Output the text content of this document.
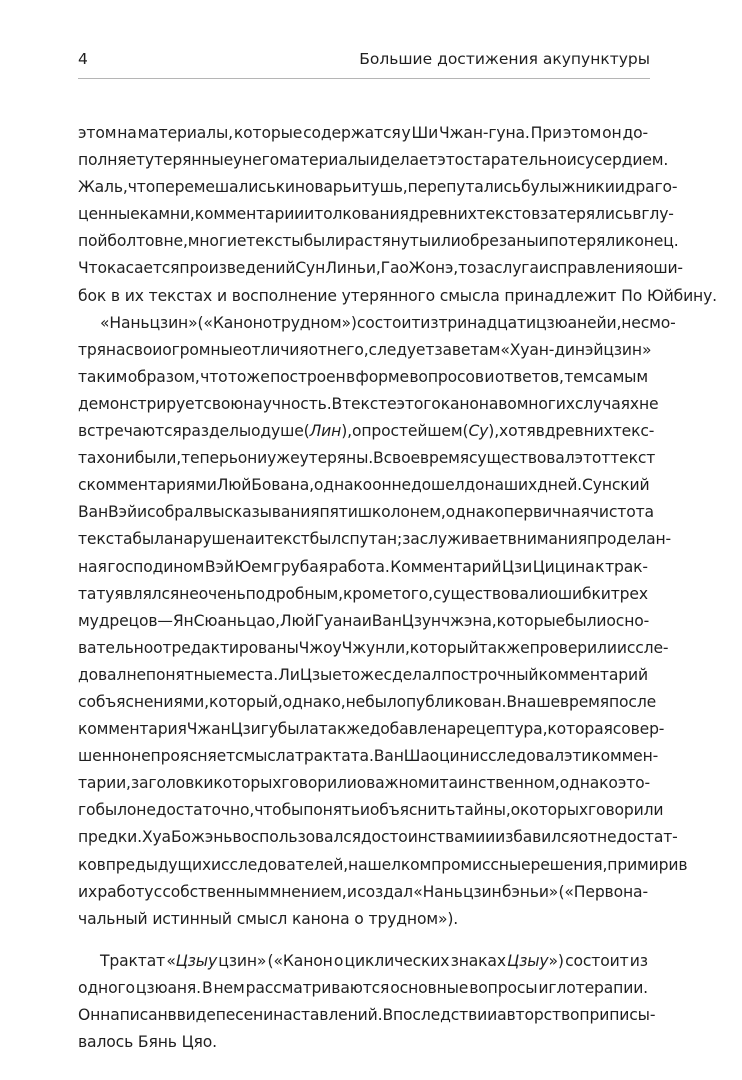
4	Большие достижения акупунктуры
этом на материалы, которые содержатся у Ши Чжан-гуна. При этом он до-
полняет утерянные у него материалы и делает это старательно и с усердием.
Жаль, что перемешались киноварь и тушь, перепутались булыжники и драго-
ценные камни, комментарии и толкования древних текстов затерялись в глу-
пой болтовне, многие тексты были растянуты или обрезаны и потеряли конец.
Что касается произведений Сун Линьи, Гао Жонэ, то заслуга исправления оши-
бок в их текстах и восполнение утерянного смысла принадлежит По Юйбину.
«Нань цзин» («Канон о трудном») состоит из тринадцати цзюаней и, несмо-
тря на свои огромные отличия от него, следует заветам «Хуан-ди нэй цзин»
таким образом, что тоже построен в форме вопросов и ответов, тем самым
демонстрирует свою научность. В тексте этого канона во многих случаях не
встречаются разделы о душе (Лин), о простейшем (Су), хотя в древних текс-
тах они были, теперь они уже утеряны. В свое время существовал этот текст
с комментариями Люй Бована, однако он не дошел до наших дней. Сунский
Ван Вэйи собрал высказывания пяти школ о нем, однако первичная чистота
текста была нарушена и текст был спутан; заслуживает внимания проделан-
ная господином Вэй Юем грубая работа. Комментарий Цзи Цицина к трак-
тату являлся не очень подробным, кроме того, существовали ошибки трех
мудрецов — Ян Сюаньцао, Люй Гуана и Ван Цзунчжэна, которые были осно-
вательно отредактированы Чжоу Чжунли, который также проверил и иссле-
довал непонятные места. Ли Цзые тоже сделал построчный комментарий
с объяснениями, который, однако, не был опубликован. В наше время после
комментария Чжан Цзигу была также добавлена рецептура, которая совер-
шенно не проясняет смысла трактата. Ван Шаоцин исследовал эти коммен-
тарии, заголовки которых говорили о важном и таинственном, однако это-
го было недостаточно, чтобы понять и объяснить тайны, о которых говорили
предки. Хуа Божэнь воспользовался достоинствами и избавился от недостат-
ков предыдущих исследователей, нашел компромиссные решения, примирив
их работу с собственным мнением, и создал «Нань цзин бэньи» («Первона-
чальный истинный смысл канона о трудном»).
Трактат «Цзыу цзин» («Канон о циклических знаках Цзыу») состоит из
одного цзюаня. В нем рассматриваются основные вопросы иглотерапии.
Он написан в виде песен и наставлений. Впоследствии авторство приписы-
валось Бянь Цяо.
